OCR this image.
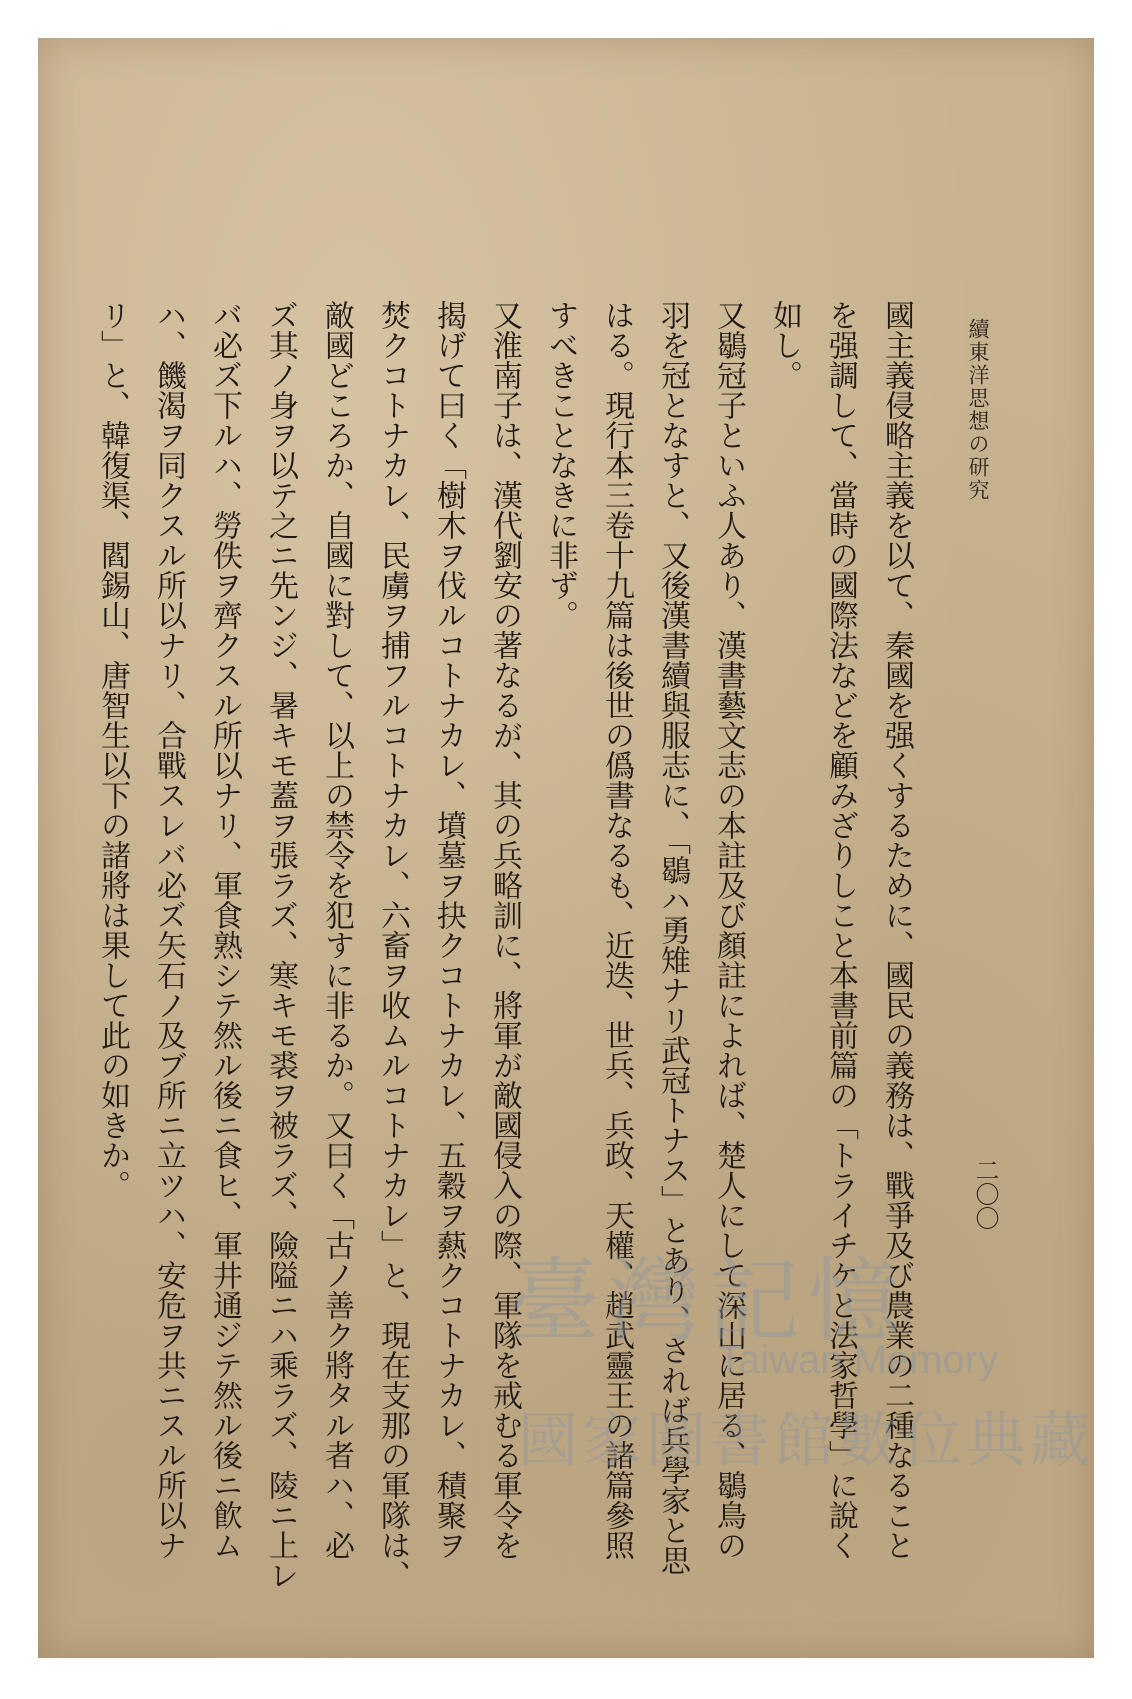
續東洋思想の研究
二〇〇
國主義侵略主義を以て、秦國を强くするために、國民の義務は、戰爭及び農業の二種なること
を强調して、當時の國際法などを顧みざりしこと本書前篇の「トライチケと法家哲學」に說く
如し。
又鶡冠子といふ人あり、漢書藝文志の本註及び顏註によれば、楚人にして深山に居る、鶡鳥の
羽を冠となすと、又後漢書續與服志に、「鶡ハ勇雉ナリ武冠トナス」とあり、されば兵學家と思
はる。現行本三卷十九篇は後世の僞書なるも、近迭、世兵、兵政、天權、趙武靈王の諸篇參照
すべきことなきに非ず。
又淮南子は、漢代劉安の著なるが、其の兵略訓に、將軍が敵國侵入の際、軍隊を戒むる軍令を
揭げて曰く「樹木ヲ伐ルコトナカレ、墳墓ヲ抉クコトナカレ、五穀ヲ爇クコトナカレ、積聚ヲ
焚クコトナカレ、民虜ヲ捕フルコトナカレ、六畜ヲ收ムルコトナカレ」と、現在支那の軍隊は、
敵國どころか、自國に對して、以上の禁令を犯すに非るか。又曰く「古ノ善ク將タル者ハ、必
ズ其ノ身ヲ以テ之ニ先ンジ、暑キモ蓋ヲ張ラズ、寒キモ裘ヲ被ラズ、險隘ニハ乘ラズ、陵ニ上レ
バ必ズ下ルハ、勞佚ヲ齊クスル所以ナリ、軍食熟シテ然ル後ニ食ヒ、軍井通ジテ然ル後ニ飮ム
ハ、饑渴ヲ同クスル所以ナリ、合戰スレバ必ズ矢石ノ及ブ所ニ立ツハ、安危ヲ共ニスル所以ナ
リ」と、韓復渠、閻錫山、唐智生以下の諸將は果して此の如きか。
臺灣記憶
Taiwan Memory
國家圖書館數位典藏
